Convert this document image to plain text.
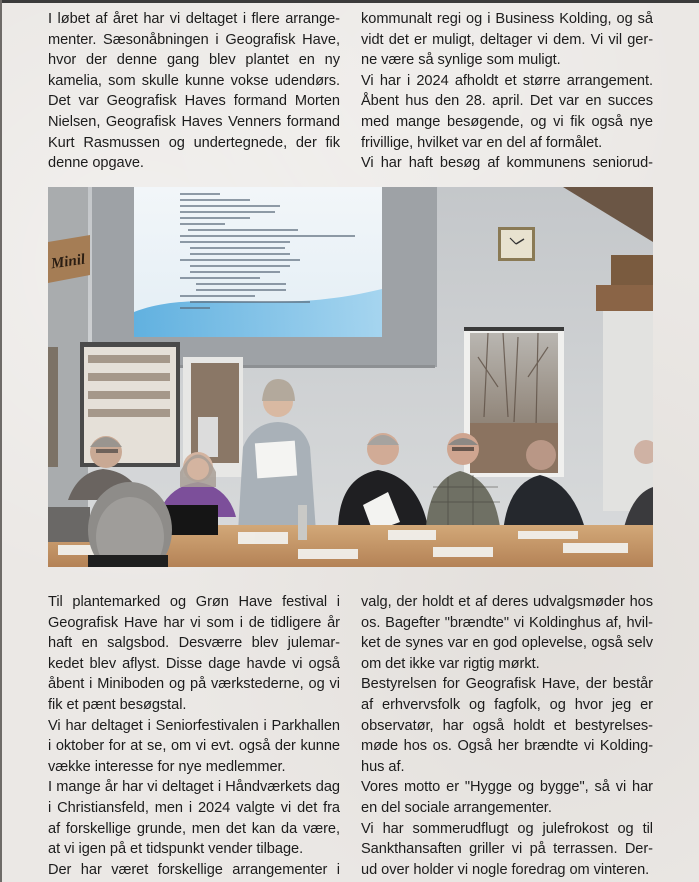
I løbet af året har vi deltaget i flere arrange-
menter. Sæsonåbningen i Geografisk Have,
hvor der denne gang blev plantet en ny
kamelia, som skulle kunne vokse udendørs.
Det var Geografisk Haves formand Morten
Nielsen, Geografisk Haves Venners formand
Kurt Rasmussen og undertegnede, der fik
denne opgave.
kommunalt regi og i Business Kolding, og så
vidt det er muligt, deltager vi dem. Vi vil ger-
ne være så synlige som muligt.
Vi har i 2024 afholdt et større arrangement.
Åbent hus den 28. april. Det var en succes
med mange besøgende, og vi fik også nye
frivillige, hvilket var en del af formålet.
Vi har haft besøg af kommunens seniorud-
Minil
Til plantemarked og Grøn Have festival i
Geografisk Have har vi som i de tidligere år
haft en salgsbod. Desværre blev julemar-
kedet blev aflyst. Disse dage havde vi også
åbent i Miniboden og på værkstederne, og vi
fik et pænt besøgstal.
Vi har deltaget i Seniorfestivalen i Parkhallen
i oktober for at se, om vi evt. også der kunne
vække interesse for nye medlemmer.
I mange år har vi deltaget i Håndværkets dag
i Christiansfeld, men i 2024 valgte vi det fra
af forskellige grunde, men det kan da være,
at vi igen på et tidspunkt vender tilbage.
Der har været forskellige arrangementer i
valg, der holdt et af deres udvalgsmøder hos
os. Bagefter "brændte" vi Koldinghus af, hvil-
ket de synes var en god oplevelse, også selv
om det ikke var rigtig mørkt.
Bestyrelsen for Geografisk Have, der består
af erhvervsfolk og fagfolk, og hvor jeg er
observatør, har også holdt et bestyrelses-
møde hos os. Også her brændte vi Kolding-
hus af.
Vores motto er "Hygge og bygge", så vi har
en del sociale arrangementer.
Vi har sommerudflugt og julefrokost og til
Sankthansaften griller vi på terrassen. Der-
ud over holder vi nogle foredrag om vinteren.
